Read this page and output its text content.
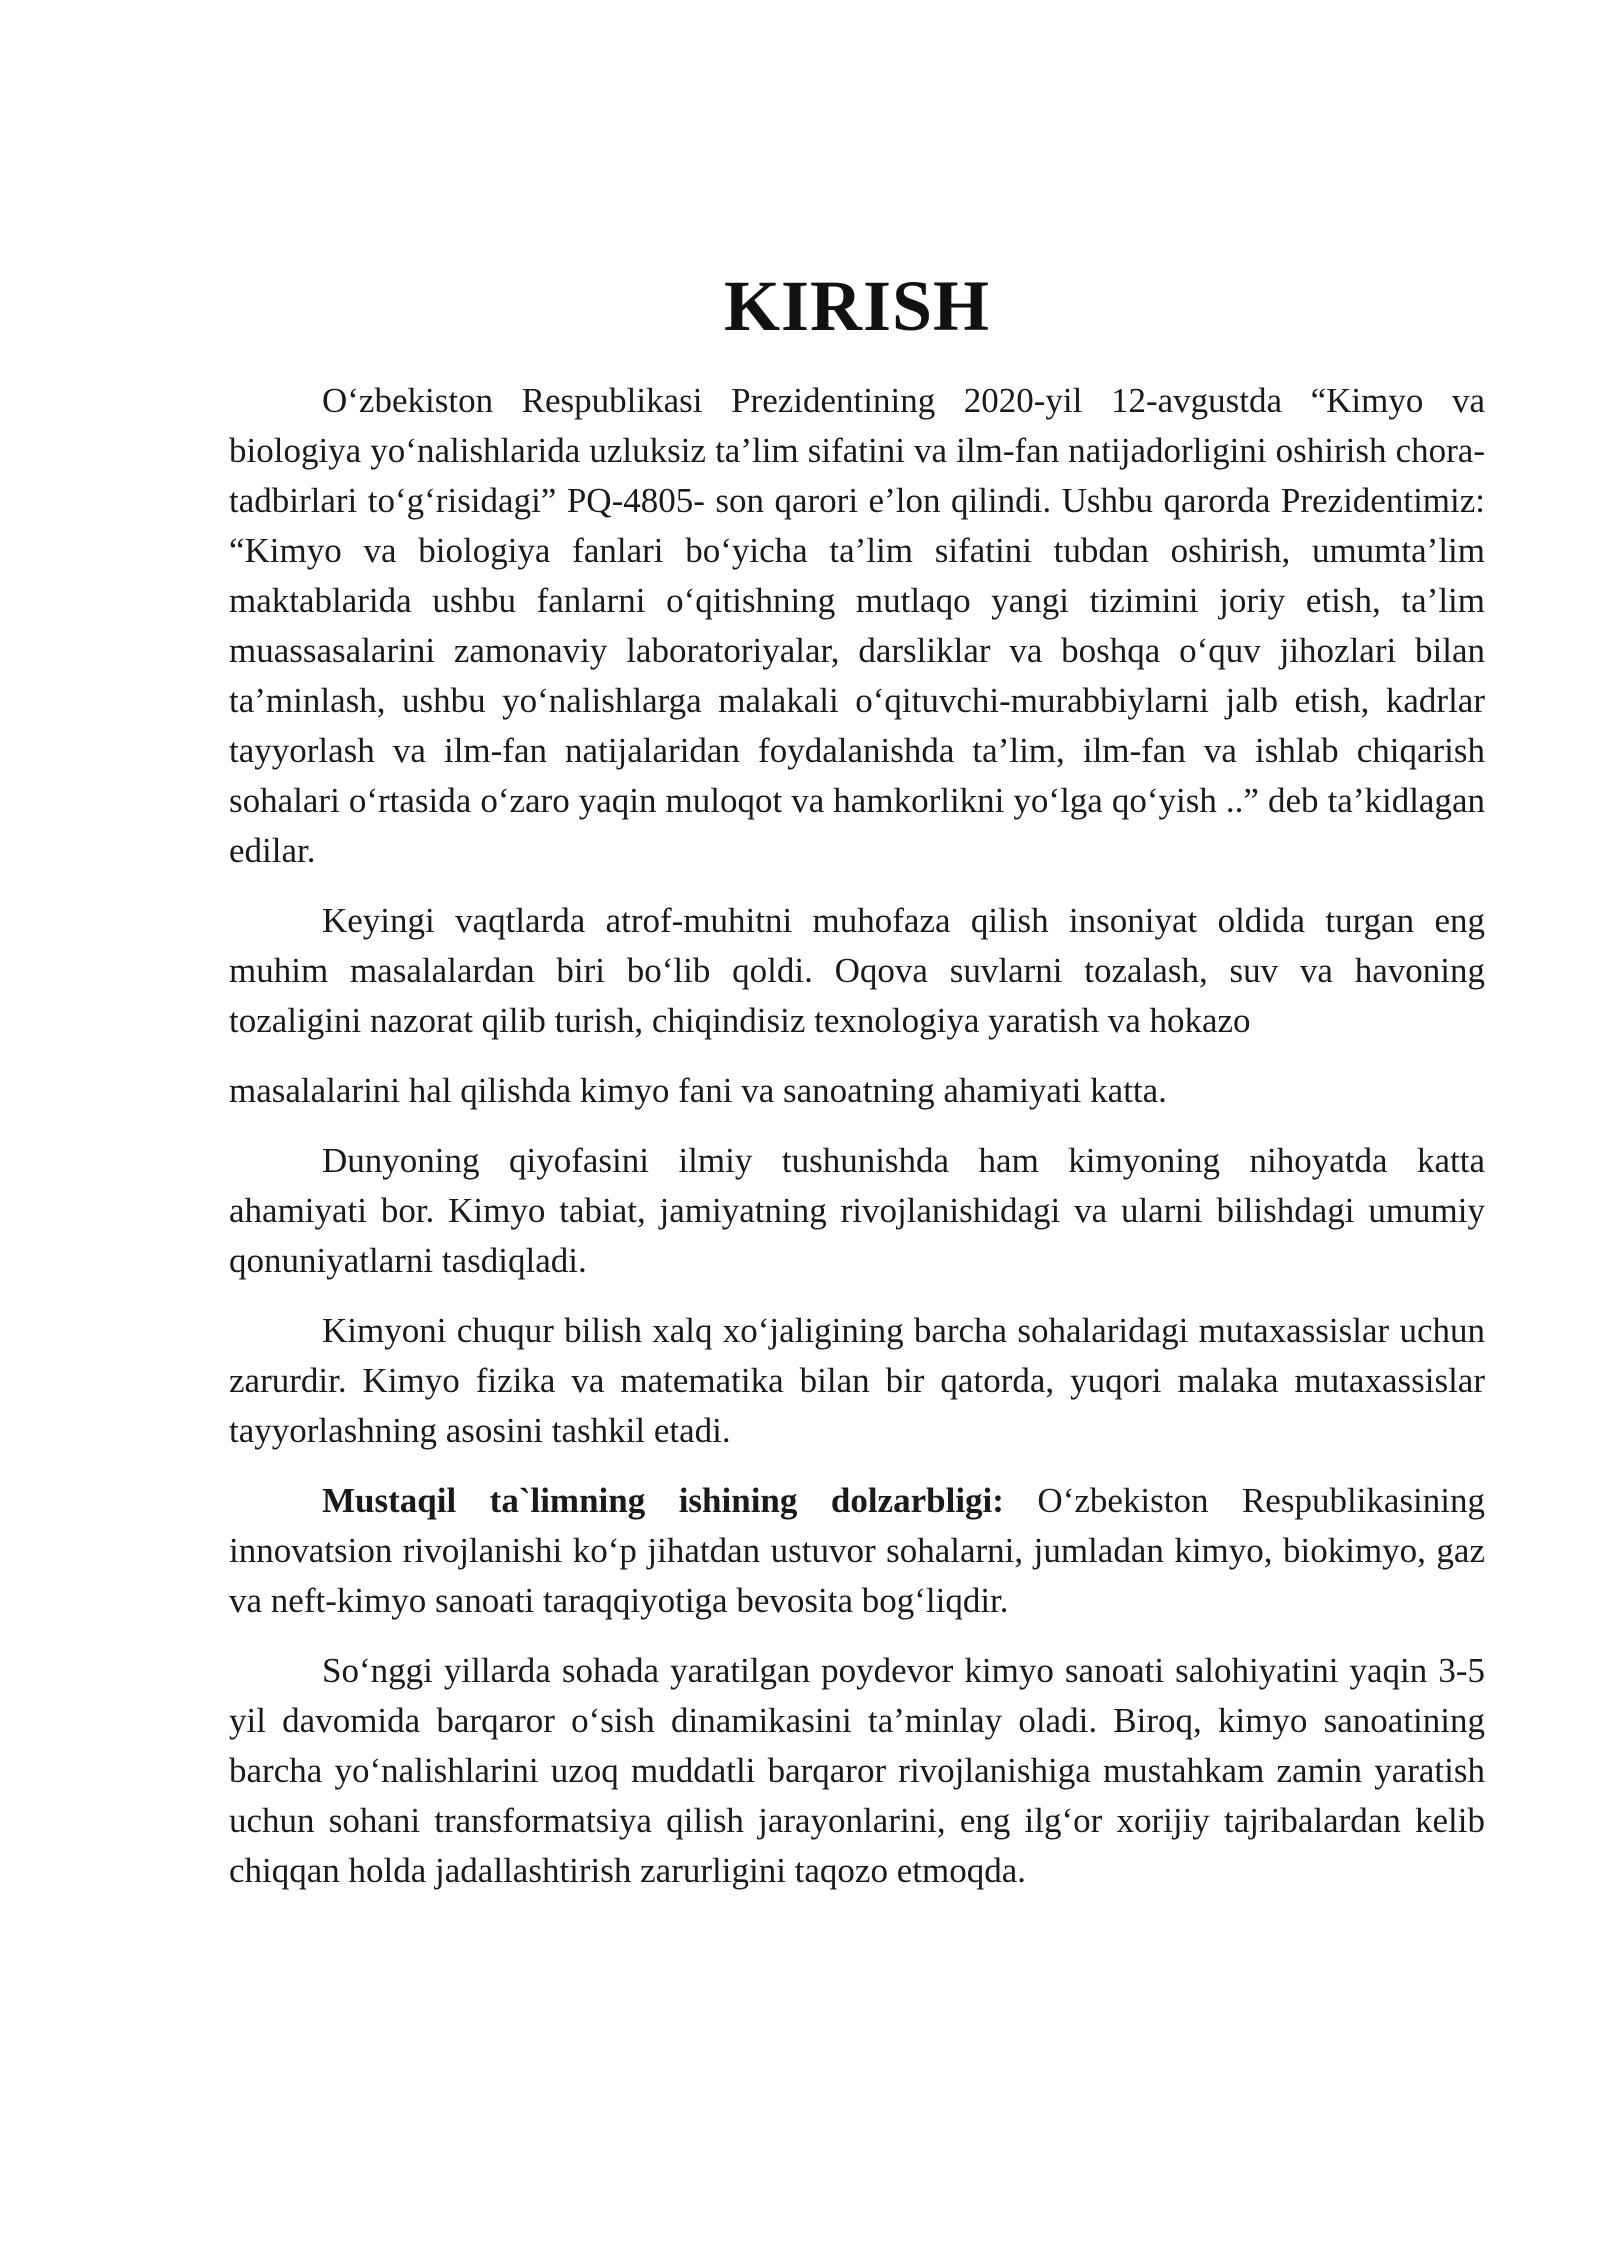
KIRISH

O‘zbekiston Respublikasi Prezidentining 2020-yil 12-avgustda “Kimyo va biologiya yo‘nalishlarida uzluksiz ta’lim sifatini va ilm-fan natijadorligini oshirish chora-tadbirlari to‘g‘risidagi” PQ-4805- son qarori e’lon qilindi. Ushbu qarorda Prezidentimiz: “Kimyo va biologiya fanlari bo‘yicha ta’lim sifatini tubdan oshirish, umumta’lim maktablarida ushbu fanlarni o‘qitishning mutlaqo yangi tizimini joriy etish, ta’lim muassasalarini zamonaviy laboratoriyalar, darsliklar va boshqa o‘quv jihozlari bilan ta’minlash, ushbu yo‘nalishlarga malakali o‘qituvchi-murabbiylarni jalb etish, kadrlar tayyorlash va ilm-fan natijalaridan foydalanishda ta’lim, ilm-fan va ishlab chiqarish sohalari o‘rtasida o‘zaro yaqin muloqot va hamkorlikni yo‘lga qo‘yish ..” deb ta’kidlagan edilar.

Keyingi vaqtlarda atrof-muhitni muhofaza qilish insoniyat oldida turgan eng muhim masalalardan biri bo‘lib qoldi. Oqova suvlarni tozalash, suv va havoning tozaligini nazorat qilib turish, chiqindisiz texnologiya yaratish va hokazo

masalalarini hal qilishda kimyo fani va sanoatning ahamiyati katta.

Dunyoning qiyofasini ilmiy tushunishda ham kimyoning nihoyatda katta ahamiyati bor. Kimyo tabiat, jamiyatning rivojlanishidagi va ularni bilishdagi umumiy qonuniyatlarni tasdiqladi.

Kimyoni chuqur bilish xalq xo‘jaligining barcha sohalaridagi mutaxassislar uchun zarurdir. Kimyo fizika va matematika bilan bir qatorda, yuqori malaka mutaxassislar tayyorlashning asosini tashkil etadi.

Mustaqil ta`limning ishining dolzarbligi: O‘zbekiston Respublikasining innovatsion rivojlanishi ko‘p jihatdan ustuvor sohalarni, jumladan kimyo, biokimyo, gaz va neft-kimyo sanoati taraqqiyotiga bevosita bog‘liqdir.

So‘nggi yillarda sohada yaratilgan poydevor kimyo sanoati salohiyatini yaqin 3-5 yil davomida barqaror o‘sish dinamikasini ta’minlay oladi. Biroq, kimyo sanoatining barcha yo‘nalishlarini uzoq muddatli barqaror rivojlanishiga mustahkam zamin yaratish uchun sohani transformatsiya qilish jarayonlarini, eng ilg‘or xorijiy tajribalardan kelib chiqqan holda jadallashtirish zarurligini taqozo etmoqda.
